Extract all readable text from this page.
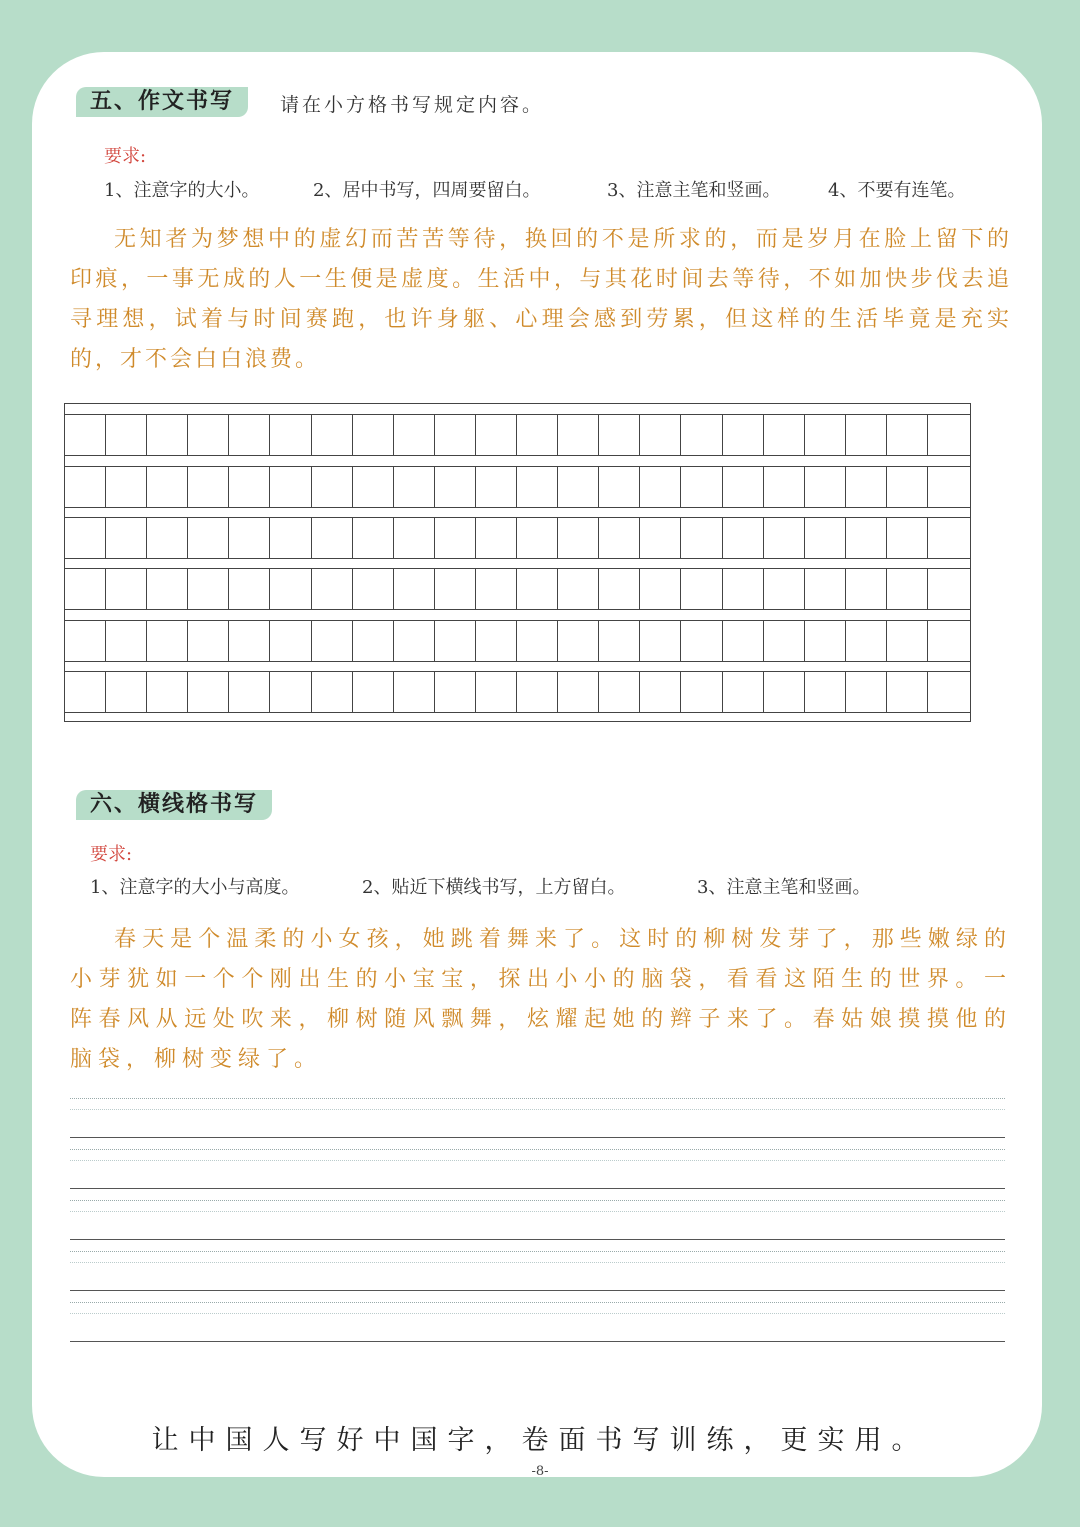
五、作文书写	请在小方格书写规定内容。
要求:
1、注意字的大小。	2、居中书写，四周要留白。	3、注意主笔和竖画。	4、不要有连笔。
无知者为梦想中的虚幻而苦苦等待，换回的不是所求的，而是岁月在脸上留下的印痕，一事无成的人一生便是虚度。生活中，与其花时间去等待，不如加快步伐去追寻理想，试着与时间赛跑，也许身躯、心理会感到劳累，但这样的生活毕竟是充实的，才不会白白浪费。
六、横线格书写
要求:
1、注意字的大小与高度。	2、贴近下横线书写，上方留白。	3、注意主笔和竖画。
春天是个温柔的小女孩，她跳着舞来了。这时的柳树发芽了，那些嫩绿的小芽犹如一个个刚出生的小宝宝，探出小小的脑袋，看看这陌生的世界。一阵春风从远处吹来，柳树随风飘舞，炫耀起她的辫子来了。春姑娘摸摸他的脑袋，柳树变绿了。
让中国人写好中国字，卷面书写训练，更实用。
-8-
